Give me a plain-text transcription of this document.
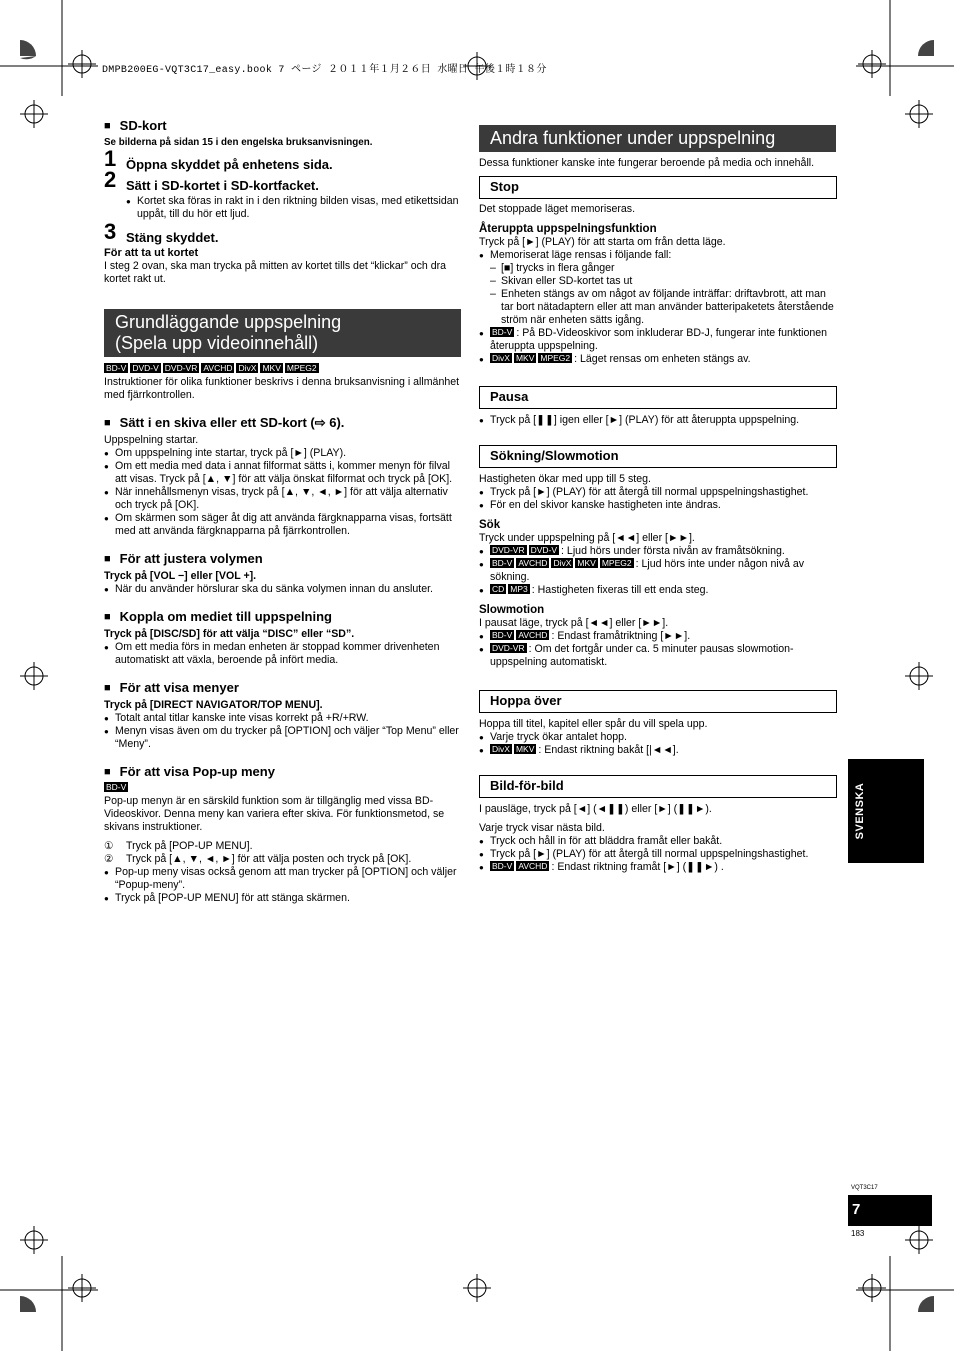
DMPB200EG-VQT3C17_easy.book 7 ページ ２０１１年１月２６日 水曜日 午後１時１８分

■ SD-kort

Se bilderna på sidan 15 i den engelska bruksanvisningen.

1 Öppna skyddet på enhetens sida.
2 Sätt i SD-kortet i SD-kortfacket.

● Kortet ska föras in rakt in i den riktning bilden visas, med etikettsidan uppåt, till du hör ett ljud.

3 Stäng skyddet.

För att ta ut kortet

I steg 2 ovan, ska man trycka på mitten av kortet tills det “klickar” och dra kortet rakt ut.

Grundläggande uppspelning
(Spela upp videoinnehåll)
BD-V DVD-V DVD-VR AVCHD DivX MKV MPEG2

Instruktioner för olika funktioner beskrivs i denna bruksanvisning i allmänhet med fjärrkontrollen.

■ Sätt i en skiva eller ett SD-kort (⇨ 6).

Uppspelning startar.

● Om uppspelning inte startar, tryck på [►] (PLAY).

● Om ett media med data i annat filformat sätts i, kommer menyn för filval att visas. Tryck på [▲, ▼] för att välja önskat filformat och tryck på [OK].

● När innehållsmenyn visas, tryck på [▲, ▼, ◄, ►] för att välja alternativ och tryck på [OK].

● Om skärmen som säger åt dig att använda färgknapparna visas, fortsätt med att använda färgknapparna på fjärrkontrollen.

■ För att justera volymen

Tryck på [VOL −] eller [VOL +].

● När du använder hörslurar ska du sänka volymen innan du ansluter.

■ Koppla om mediet till uppspelning

Tryck på [DISC/SD] för att välja “DISC” eller “SD”.

● Om ett media förs in medan enheten är stoppad kommer drivenheten automatiskt att växla, beroende på infört media.

■ För att visa menyer

Tryck på [DIRECT NAVIGATOR/TOP MENU].

● Totalt antal titlar kanske inte visas korrekt på +R/+RW.

● Menyn visas även om du trycker på [OPTION] och väljer “Top Menu” eller “Meny”.

■ För att visa Pop-up meny

BD-V

Pop-up menyn är en särskild funktion som är tillgänglig med vissa BD-Videoskivor. Denna meny kan variera efter skiva. För funktionsmetod, se skivans instruktioner.

① Tryck på [POP-UP MENU].

② Tryck på [▲, ▼, ◄, ►] för att välja posten och tryck på [OK].

● Pop-up meny visas också genom att man trycker på [OPTION] och väljer “Popup-meny”.

● Tryck på [POP-UP MENU] för att stänga skärmen.

Andra funktioner under uppspelning
Dessa funktioner kanske inte fungerar beroende på media och innehåll.
Stop

Det stoppade läget memoriseras.

Återuppta uppspelningsfunktion

Tryck på [►] (PLAY) för att starta om från detta läge.

● Memoriserat läge rensas i följande fall:

– [■] trycks in flera gånger

– Skivan eller SD-kortet tas ut

– Enheten stängs av om något av följande inträffar: driftavbrott, att man tar bort nätadaptern eller att man använder batteripaketets återstående ström när enheten sätts igång.

● BD-V : På BD-Videoskivor som inkluderar BD-J, fungerar inte funktionen återuppta uppspelning.

● DivX MKV MPEG2 : Läget rensas om enheten stängs av.

Pausa

● Tryck på [❚❚] igen eller [►] (PLAY) för att återuppta uppspelning.

Sökning/Slowmotion

Hastigheten ökar med upp till 5 steg.

● Tryck på [►] (PLAY) för att återgå till normal uppspelningshastighet.

● För en del skivor kanske hastigheten inte ändras.

Sök

Tryck under uppspelning på [◄◄] eller [►►].

● DVD-VR DVD-V : Ljud hörs under första nivån av framåtsökning.

● BD-V AVCHD DivX MKV MPEG2 : Ljud hörs inte under någon nivå av sökning.

● CD MP3 : Hastigheten fixeras till ett enda steg.

Slowmotion

I pausat läge, tryck på [◄◄] eller [►►].

● BD-V AVCHD : Endast framåtriktning [►►].

● DVD-VR : Om det fortgår under ca. 5 minuter pausas slowmotion-uppspelning automatiskt.

Hoppa över

Hoppa till titel, kapitel eller spår du vill spela upp.

● Varje tryck ökar antalet hopp.

● DivX MKV : Endast riktning bakåt [|◄◄].

Bild-för-bild

I pausläge, tryck på [◄] (◄❚❚) eller [►] (❚❚►).

Varje tryck visar nästa bild.

● Tryck och håll in för att bläddra framåt eller bakåt.

● Tryck på [►] (PLAY) för att återgå till normal uppspelningshastighet.

● BD-V AVCHD : Endast riktning framåt [►] (❚❚►) .

SVENSKA
VQT3C17
7
183
